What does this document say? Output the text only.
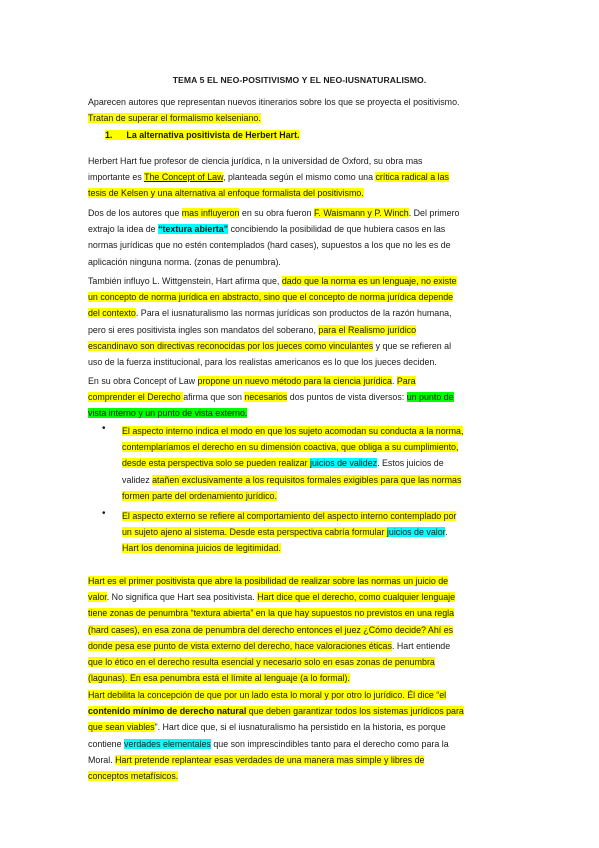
TEMA 5 EL NEO-POSITIVISMO Y EL NEO-IUSNATURALISMO.
Aparecen autores que representan nuevos itinerarios sobre los que se proyecta el positivismo.
Tratan de superar el formalismo kelseniano.
1. La alternativa positivista de Herbert Hart.
Herbert Hart fue profesor de ciencia jurídica, n la universidad de Oxford, su obra mas
importante es The Concept of Law, planteada según el mismo como una crítica radical a las
tesis de Kelsen y una alternativa al enfoque formalista del positivismo.
Dos de los autores que mas influyeron en su obra fueron F. Waismann y P. Winch. Del primero
extrajo la idea de “textura abierta” concibiendo la posibilidad de que hubiera casos en las
normas jurídicas que no estén contemplados (hard cases), supuestos a los que no les es de
aplicación ninguna norma. (zonas de penumbra).
También influyo L. Wittgenstein, Hart afirma que, dado que la norma es un lenguaje, no existe
un concepto de norma jurídica en abstracto, sino que el concepto de norma jurídica depende
del contexto. Para el iusnaturalismo las normas jurídicas son productos de la razón humana,
pero si eres positivista ingles son mandatos del soberano, para el Realismo jurídico
escandinavo son directivas reconocidas por los jueces como vinculantes y que se refieren al
uso de la fuerza institucional, para los realistas americanos es lo que los jueces deciden.
En su obra Concept of Law propone un nuevo método para la ciencia jurídica. Para
comprender el Derecho afirma que son necesarios dos puntos de vista diversos: un punto de
vista interno y un punto de vista externo.
• El aspecto interno indica el modo en que los sujeto acomodan su conducta a la norma,
contemplaríamos el derecho en su dimensión coactiva, que obliga a su cumplimiento,
desde esta perspectiva solo se pueden realizar juicios de validez. Estos juicios de
validez atañen exclusivamente a los requisitos formales exigibles para que las normas
formen parte del ordenamiento jurídico.
• El aspecto externo se refiere al comportamiento del aspecto interno contemplado por
un sujeto ajeno al sistema. Desde esta perspectiva cabría formular juicios de valor.
Hart los denomina juicios de legitimidad.
Hart es el primer positivista que abre la posibilidad de realizar sobre las normas un juicio de
valor. No significa que Hart sea positivista. Hart dice que el derecho, como cualquier lenguaje
tiene zonas de penumbra “textura abierta” en la que hay supuestos no previstos en una regla
(hard cases), en esa zona de penumbra del derecho entonces el juez ¿Cómo decide? Ahí es
donde pesa ese punto de vista externo del derecho, hace valoraciones éticas. Hart entiende
que lo ético en el derecho resulta esencial y necesario solo en esas zonas de penumbra
(lagunas). En esa penumbra está el límite al lenguaje (a lo formal).
Hart debilita la concepción de que por un lado esta lo moral y por otro lo jurídico. Él dice “el
contenido mínimo de derecho natural que deben garantizar todos los sistemas jurídicos para
que sean viables”. Hart dice que, si el iusnaturalismo ha persistido en la historia, es porque
contiene verdades elementales que son imprescindibles tanto para el derecho como para la
Moral. Hart pretende replantear esas verdades de una manera mas simple y libres de
conceptos metafísicos.
